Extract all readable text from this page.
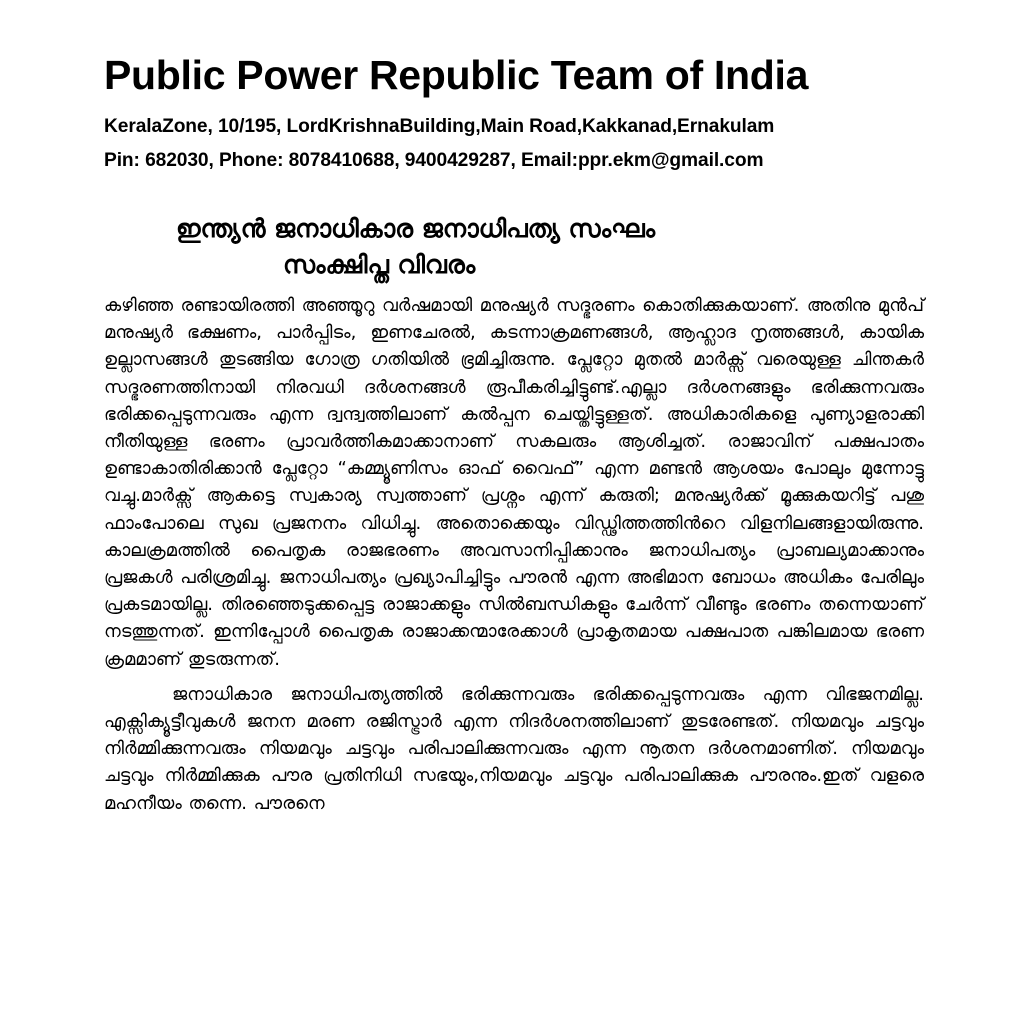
Public Power Republic Team of India

KeralaZone, 10/195, LordKrishnaBuilding,Main Road,Kakkanad,Ernakulam

Pin: 682030, Phone: 8078410688, 9400429287, Email:ppr.ekm@gmail.com

ഇന്ത്യൻ ജനാധികാര ജനാധിപത്യ സംഘം
സംക്ഷിപ്ത വിവരം

കഴിഞ്ഞ രണ്ടായിരത്തി അഞ്ഞൂറു വർഷമായി മനുഷ്യർ സദ്ഭരണം കൊതിക്കുകയാണ്. അതിനു മുൻപ് മനുഷ്യർ ഭക്ഷണം, പാർപ്പിടം, ഇണചേരൽ, കടന്നാക്രമണങ്ങൾ, ആഹ്ലാദ നൃത്തങ്ങൾ, കായിക ഉല്ലാസങ്ങൾ തുടങ്ങിയ ഗോത്ര ഗതിയിൽ ഭ്രമിച്ചിരുന്നു. പ്ലേറ്റോ മുതൽ മാർക്സ് വരെയുള്ള ചിന്തകർ സദ്ഭരണത്തിനായി നിരവധി ദർശനങ്ങൾ രൂപീകരിച്ചിട്ടുണ്ട്.എല്ലാ ദർശനങ്ങളും ഭരിക്കുന്നവരും ഭരിക്കപ്പെടുന്നവരും എന്ന ദ്വന്ദ്വത്തിലാണ് കൽപ്പന ചെയ്തിട്ടുള്ളത്. അധികാരികളെ പുണ്യാളരാക്കി നീതിയുള്ള ഭരണം പ്രാവർത്തികമാക്കാനാണ് സകലരും ആശിച്ചത്. രാജാവിന് പക്ഷപാതം ഉണ്ടാകാതിരിക്കാൻ പ്ലേറ്റോ “കമ്മ്യൂണിസം ഓഫ് വൈഫ്” എന്ന മണ്ടൻ ആശയം പോലും മുന്നോട്ടു വച്ചു.മാർക്സ് ആകട്ടെ സ്വകാര്യ സ്വത്താണ് പ്രശ്നം എന്ന് കരുതി; മനുഷ്യർക്ക് മൂക്കുകയറിട്ട് പശു ഫാംപോലെ സുഖ പ്രജനനം വിധിച്ചു. അതൊക്കെയും വിഡ്ഢിത്തത്തിൻറെ വിളനിലങ്ങളായിരുന്നു. കാലക്രമത്തിൽ പൈതൃക രാജഭരണം അവസാനിപ്പിക്കാനും ജനാധിപത്യം പ്രാബല്യമാക്കാനും പ്രജകൾ പരിശ്രമിച്ചു. ജനാധിപത്യം പ്രഖ്യാപിച്ചിട്ടും പൗരൻ എന്ന അഭിമാന ബോധം അധികം പേരിലും പ്രകടമായില്ല. തിരഞ്ഞെടുക്കപ്പെട്ട രാജാക്കളും സിൽബന്ധികളും ചേർന്ന് വീണ്ടും ഭരണം തന്നെയാണ് നടത്തുന്നത്. ഇന്നിപ്പോൾ പൈതൃക രാജാക്കന്മാരേക്കാൾ പ്രാകൃതമായ പക്ഷപാത പങ്കിലമായ ഭരണ ക്രമമാണ് തുടരുന്നത്.

ജനാധികാര ജനാധിപത്യത്തിൽ ഭരിക്കുന്നവരും ഭരിക്കപ്പെടുന്നവരും എന്ന വിഭജനമില്ല. എക്സിക്യൂട്ടീവുകൾ ജനന മരണ രജിസ്ട്രാർ എന്ന നിദർശനത്തിലാണ് തുടരേണ്ടത്. നിയമവും ചട്ടവും നിർമ്മിക്കുന്നവരും നിയമവും ചട്ടവും പരിപാലിക്കുന്നവരും എന്ന നൂതന ദർശനമാണിത്. നിയമവും ചട്ടവും നിർമ്മിക്കുക പൗര പ്രതിനിധി സഭയും,നിയമവും ചട്ടവും പരിപാലിക്കുക പൗരനും.ഇത് വളരെ മഹനീയം തന്നെ. പൗരനെ
